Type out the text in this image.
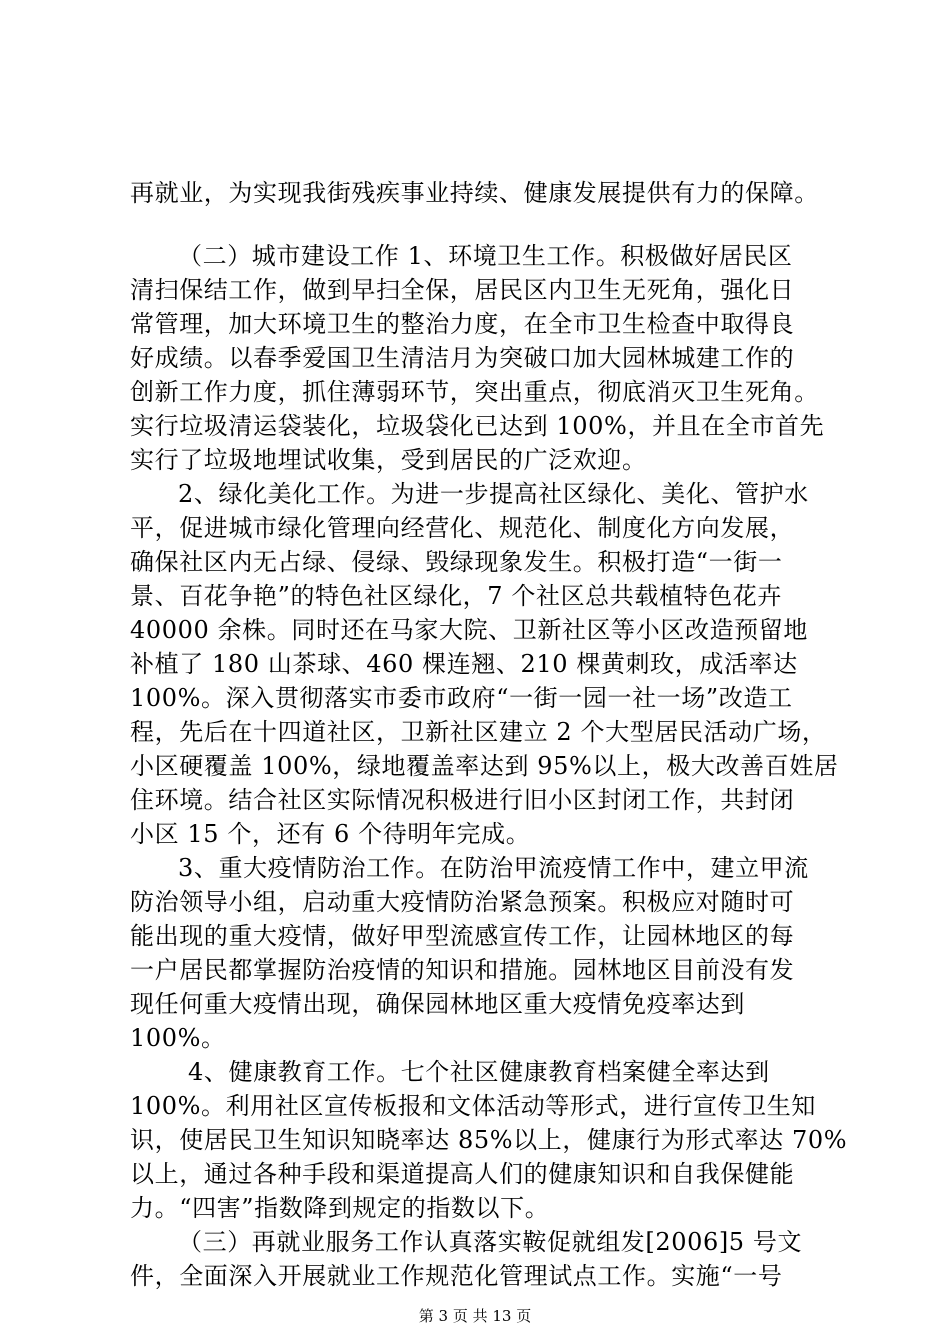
再就业，为实现我街残疾事业持续、健康发展提供有力的保障。
（二）城市建设工作 1、环境卫生工作。积极做好居民区
清扫保结工作，做到早扫全保，居民区内卫生无死角，强化日
常管理，加大环境卫生的整治力度，在全市卫生检查中取得良
好成绩。以春季爱国卫生清洁月为突破口加大园林城建工作的
创新工作力度，抓住薄弱环节，突出重点，彻底消灭卫生死角。
实行垃圾清运袋装化，垃圾袋化已达到 100%，并且在全市首先
实行了垃圾地埋试收集，受到居民的广泛欢迎。
2、绿化美化工作。为进一步提高社区绿化、美化、管护水
平，促进城市绿化管理向经营化、规范化、制度化方向发展，
确保社区内无占绿、侵绿、毁绿现象发生。积极打造“一街一
景、百花争艳”的特色社区绿化，7 个社区总共载植特色花卉
40000 余株。同时还在马家大院、卫新社区等小区改造预留地
补植了 180 山茶球、460 棵连翘、210 棵黄刺玫，成活率达
100%。深入贯彻落实市委市政府“一街一园一社一场”改造工
程，先后在十四道社区，卫新社区建立 2 个大型居民活动广场，
小区硬覆盖 100%，绿地覆盖率达到 95%以上，极大改善百姓居
住环境。结合社区实际情况积极进行旧小区封闭工作，共封闭
小区 15 个，还有 6 个待明年完成。
3、重大疫情防治工作。在防治甲流疫情工作中，建立甲流
防治领导小组，启动重大疫情防治紧急预案。积极应对随时可
能出现的重大疫情，做好甲型流感宣传工作，让园林地区的每
一户居民都掌握防治疫情的知识和措施。园林地区目前没有发
现任何重大疫情出现，确保园林地区重大疫情免疫率达到
100%。
4、健康教育工作。七个社区健康教育档案健全率达到
100%。利用社区宣传板报和文体活动等形式，进行宣传卫生知
识，使居民卫生知识知晓率达 85%以上，健康行为形式率达 70%
以上，通过各种手段和渠道提高人们的健康知识和自我保健能
力。“四害”指数降到规定的指数以下。
（三）再就业服务工作认真落实鞍促就组发[2006]5 号文
件，全面深入开展就业工作规范化管理试点工作。实施“一号
第 3 页 共 13 页
